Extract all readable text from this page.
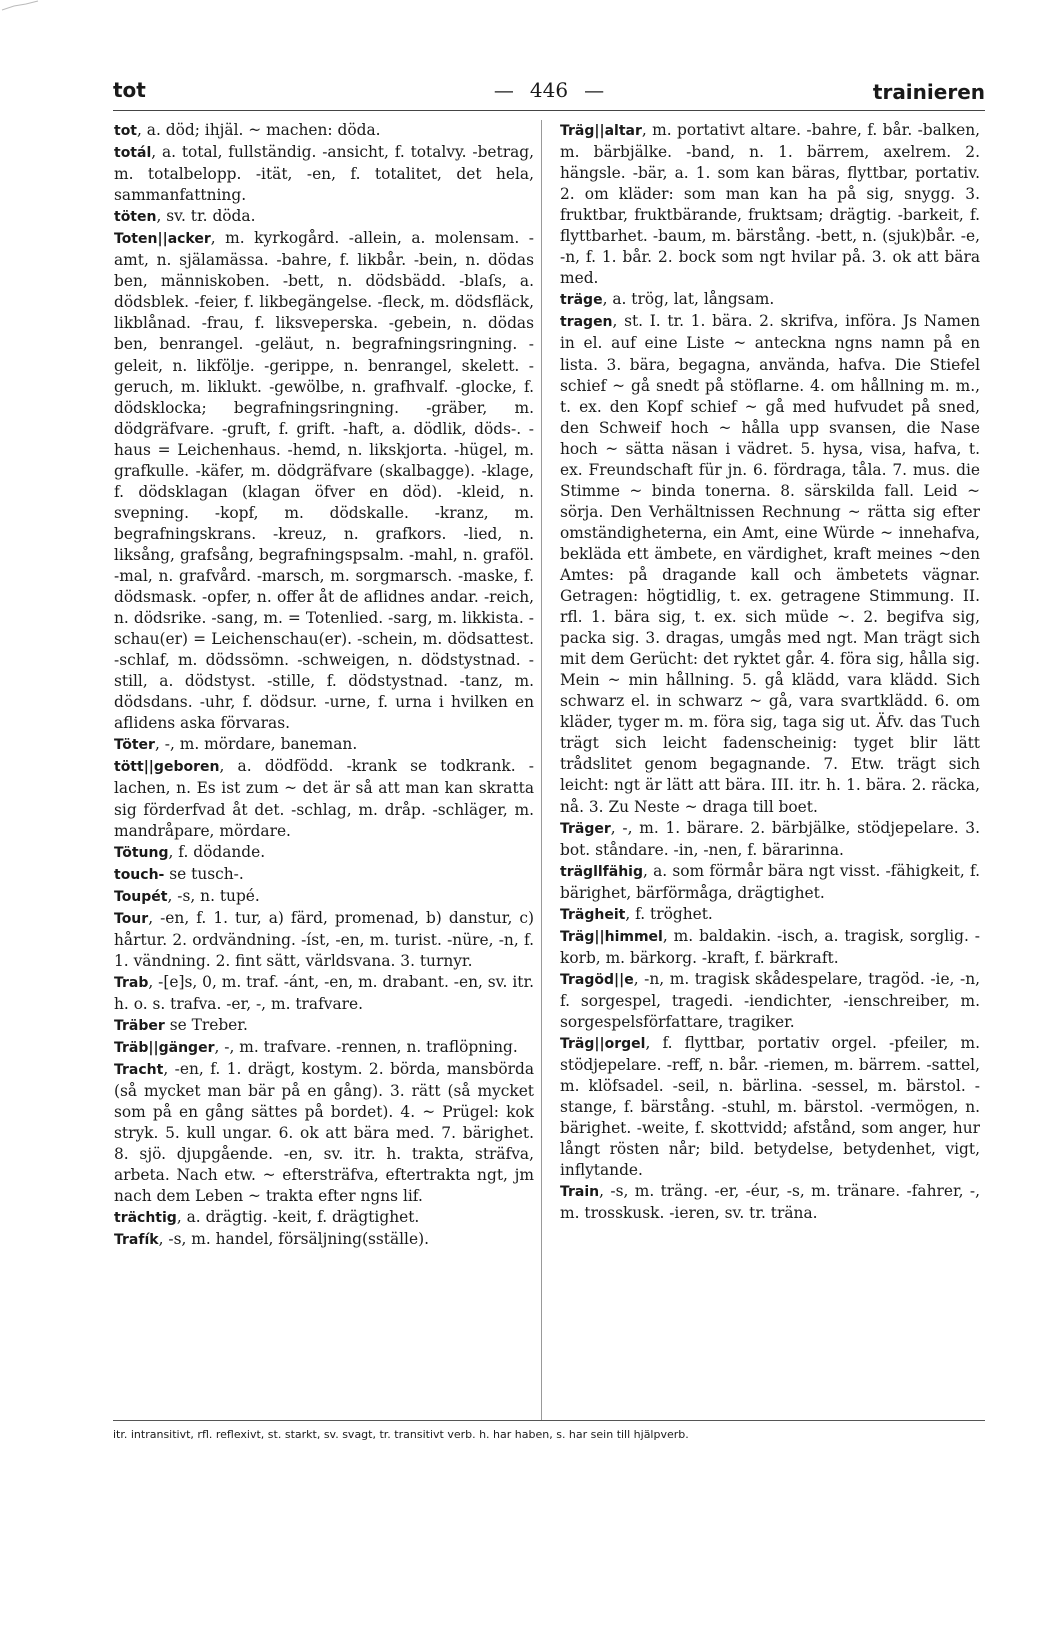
tot	— 446 —	trainieren

tot, a. död; ihjäl. ~ machen: döda.

totál, a. total, fullständig. -ansicht, f. totalvy. -betrag, m. totalbelopp. -ität, -en, f. totalitet, det hela, sammanfattning.

töten, sv. tr. döda.

Toten||acker, m. kyrkogård. -allein, a. molensam. -amt, n. själamässa. -bahre, f. likbår. -bein, n. dödas ben, människoben. -bett, n. dödsbädd. -blaſs, a. dödsblek. -feier, f. likbegängelse. -fleck, m. dödsfläck, likblånad. -frau, f. liksveperska. -gebein, n. dödas ben, benrangel. -geläut, n. begrafningsringning. -geleit, n. likfölje. -gerippe, n. benrangel, skelett. -geruch, m. liklukt. -gewölbe, n. grafhvalf. -glocke, f. dödsklocka; begrafningsringning. -gräber, m. dödgräfvare. -gruft, f. grift. -haft, a. dödlik, döds-. -haus = Leichenhaus. -hemd, n. likskjorta. -hügel, m. grafkulle. -käfer, m. dödgräfvare (skalbagge). -klage, f. dödsklagan (klagan öfver en död). -kleid, n. svepning. -kopf, m. dödskalle. -kranz, m. begrafningskrans. -kreuz, n. grafkors. -lied, n. liksång, grafsång, begrafningspsalm. -mahl, n. graföl. -mal, n. grafvård. -marsch, m. sorgmarsch. -maske, f. dödsmask. -opfer, n. offer åt de aflidnes andar. -reich, n. dödsrike. -sang, m. = Totenlied. -sarg, m. likkista. -schau(er) = Leichenschau(er). -schein, m. dödsattest. -schlaf, m. dödssömn. -schweigen, n. dödstystnad. -still, a. dödstyst. -stille, f. dödstystnad. -tanz, m. dödsdans. -uhr, f. dödsur. -urne, f. urna i hvilken en aflidens aska förvaras.

Töter, -, m. mördare, baneman.

tött||geboren, a. dödfödd. -krank se todkrank. -lachen, n. Es ist zum ~ det är så att man kan skratta sig förderfvad åt det. -schlag, m. dråp. -schläger, m. mandråpare, mördare.

Tötung, f. dödande.

touch- se tusch-.

Toupét, -s, n. tupé.

Tour, -en, f. 1. tur, a) färd, promenad, b) danstur, c) hårtur. 2. ordvändning. -íst, -en, m. turist. -nüre, -n, f. 1. vändning. 2. fint sätt, världsvana. 3. turnyr.

Trab, -[e]s, 0, m. traf. -ánt, -en, m. drabant. -en, sv. itr. h. o. s. trafva. -er, -, m. trafvare.

Träber se Treber.

Träb||gänger, -, m. trafvare. -rennen, n. traflöpning.

Tracht, -en, f. 1. drägt, kostym. 2. börda, mansbörda (så mycket man bär på en gång). 3. rätt (så mycket som på en gång sättes på bordet). 4. ~ Prügel: kok stryk. 5. kull ungar. 6. ok att bära med. 7. bärighet. 8. sjö. djupgående. -en, sv. itr. h. trakta, sträfva, arbeta. Nach etw. ~ eftersträfva, eftertrakta ngt, jm nach dem Leben ~ trakta efter ngns lif.

trächtig, a. drägtig. -keit, f. drägtighet.

Trafík, -s, m. handel, försäljning(sställe).

Träg||altar, m. portativt altare. -bahre, f. bår. -balken, m. bärbjälke. -band, n. 1. bärrem, axelrem. 2. hängsle. -bär, a. 1. som kan bäras, flyttbar, portativ. 2. om kläder: som man kan ha på sig, snygg. 3. fruktbar, fruktbärande, fruktsam; drägtig. -barkeit, f. flyttbarhet. -baum, m. bärstång. -bett, n. (sjuk)bår. -e, -n, f. 1. bår. 2. bock som ngt hvilar på. 3. ok att bära med.

träge, a. trög, lat, långsam.

tragen, st. I. tr. 1. bära. 2. skrifva, införa. Js Namen in el. auf eine Liste ~ anteckna ngns namn på en lista. 3. bära, begagna, använda, hafva. Die Stiefel schief ~ gå snedt på stöflarne. 4. om hållning m. m., t. ex. den Kopf schief ~ gå med hufvudet på sned, den Schweif hoch ~ hålla upp svansen, die Nase hoch ~ sätta näsan i vädret. 5. hysa, visa, hafva, t. ex. Freundschaft für jn. 6. fördraga, tåla. 7. mus. die Stimme ~ binda tonerna. 8. särskilda fall. Leid ~ sörja. Den Verhältnissen Rechnung ~ rätta sig efter omständigheterna, ein Amt, eine Würde ~ innehafva, bekläda ett ämbete, en värdighet, kraft meines ~den Amtes: på dragande kall och ämbetets vägnar. Getragen: högtidlig, t. ex. getragene Stimmung. II. rfl. 1. bära sig, t. ex. sich müde ~. 2. begifva sig, packa sig. 3. dragas, umgås med ngt. Man trägt sich mit dem Gerücht: det ryktet går. 4. föra sig, hålla sig. Mein ~ min hållning. 5. gå klädd, vara klädd. Sich schwarz el. in schwarz ~ gå, vara svartklädd. 6. om kläder, tyger m. m. föra sig, taga sig ut. Äfv. das Tuch trägt sich leicht fadenscheinig: tyget blir lätt trådslitet genom begagnande. 7. Etw. trägt sich leicht: ngt är lätt att bära. III. itr. h. 1. bära. 2. räcka, nå. 3. Zu Neste ~ draga till boet.

Träger, -, m. 1. bärare. 2. bärbjälke, stödjepelare. 3. bot. ståndare. -in, -nen, f. bärarinna.

trägllfähig, a. som förmår bära ngt visst. -fähigkeit, f. bärighet, bärförmåga, drägtighet.

Trägheit, f. tröghet.

Träg||himmel, m. baldakin. -isch, a. tragisk, sorglig. -korb, m. bärkorg. -kraft, f. bärkraft.

Tragöd||e, -n, m. tragisk skådespelare, tragöd. -ie, -n, f. sorgespel, tragedi. -iendichter, -ienschreiber, m. sorgespelsförfattare, tragiker.

Träg||orgel, f. flyttbar, portativ orgel. -pfeiler, m. stödjepelare. -reff, n. bår. -riemen, m. bärrem. -sattel, m. klöfsadel. -seil, n. bärlina. -sessel, m. bärstol. -stange, f. bärstång. -stuhl, m. bärstol. -vermögen, n. bärighet. -weite, f. skottvidd; afstånd, som anger, hur långt rösten når; bild. betydelse, betydenhet, vigt, inflytande.

Train, -s, m. träng. -er, -éur, -s, m. tränare. -fahrer, -, m. trosskusk. -ieren, sv. tr. träna.

itr. intransitivt, rfl. reflexivt, st. starkt, sv. svagt, tr. transitivt verb. h. har haben, s. har sein till hjälpverb.
